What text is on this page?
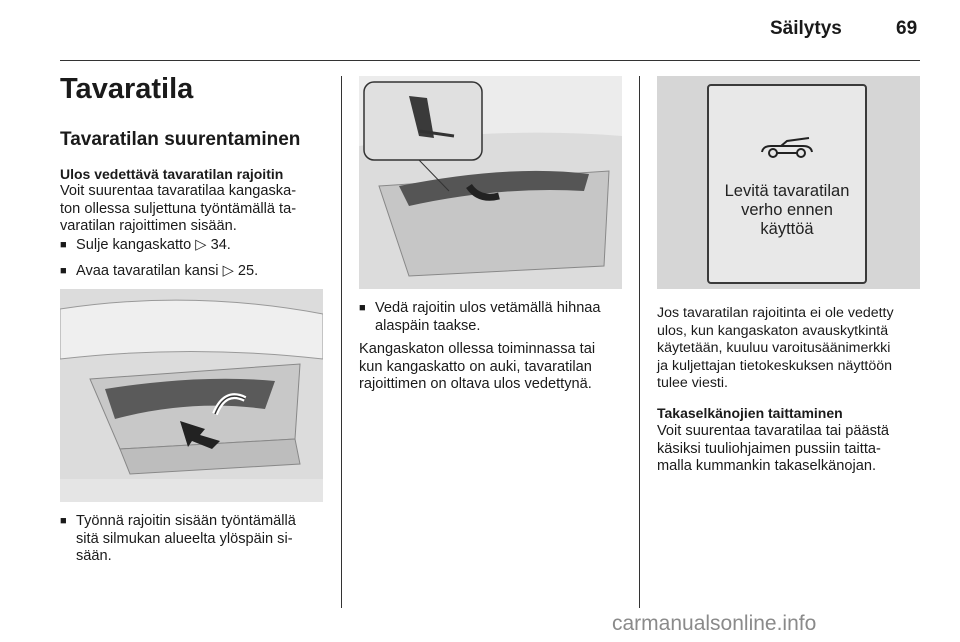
Säilytys	69
Tavaratila
Tavaratilan suurentaminen
Ulos vedettävä tavaratilan rajoitin
Voit suurentaa tavaratilaa kangaska-
ton ollessa suljettuna työntämällä ta-
varatilan rajoittimen sisään.
■ Sulje kangaskatto ▷ 34.
■ Avaa tavaratilan kansi ▷ 25.
■ Työnnä rajoitin sisään työntämällä
sitä silmukan alueelta ylöspäin si-
sään.
■ Vedä rajoitin ulos vetämällä hihnaa
alaspäin taakse.
Kangaskaton ollessa toiminnassa tai
kun kangaskatto on auki, tavaratilan
rajoittimen on oltava ulos vedettynä.
Levitä tavaratilan
verho ennen
käyttöä
Jos tavaratilan rajoitinta ei ole vedetty
ulos, kun kangaskaton avauskytkintä
käytetään, kuuluu varoitusäänimerkki
ja kuljettajan tietokeskuksen näyttöön
tulee viesti.
Takaselkänojien taittaminen
Voit suurentaa tavaratilaa tai päästä
käsiksi tuuliohjaimen pussiin taitta-
malla kummankin takaselkänojan.
carmanualsonline.info
